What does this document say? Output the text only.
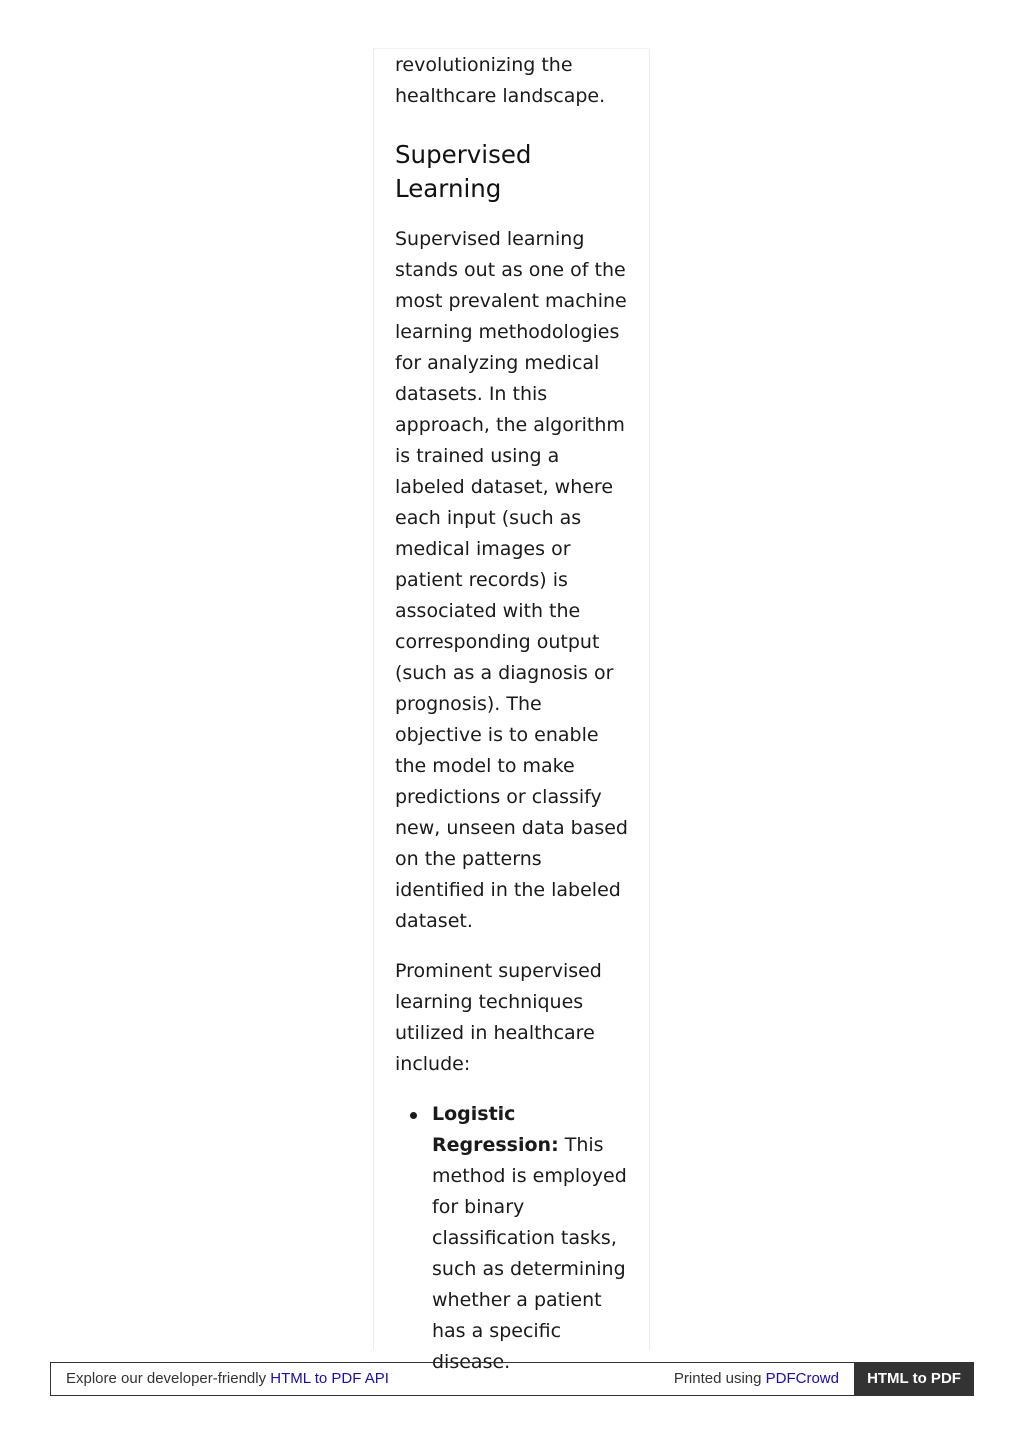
revolutionizing the healthcare landscape.

Supervised Learning

Supervised learning stands out as one of the most prevalent machine learning methodologies for analyzing medical datasets. In this approach, the algorithm is trained using a labeled dataset, where each input (such as medical images or patient records) is associated with the corresponding output (such as a diagnosis or prognosis). The objective is to enable the model to make predictions or classify new, unseen data based on the patterns identified in the labeled dataset.

Prominent supervised learning techniques utilized in healthcare include:

Logistic Regression: This method is employed for binary classification tasks, such as determining whether a patient has a specific disease.
Explore our developer-friendly HTML to PDF API	Printed using PDFCrowd	HTML to PDF
